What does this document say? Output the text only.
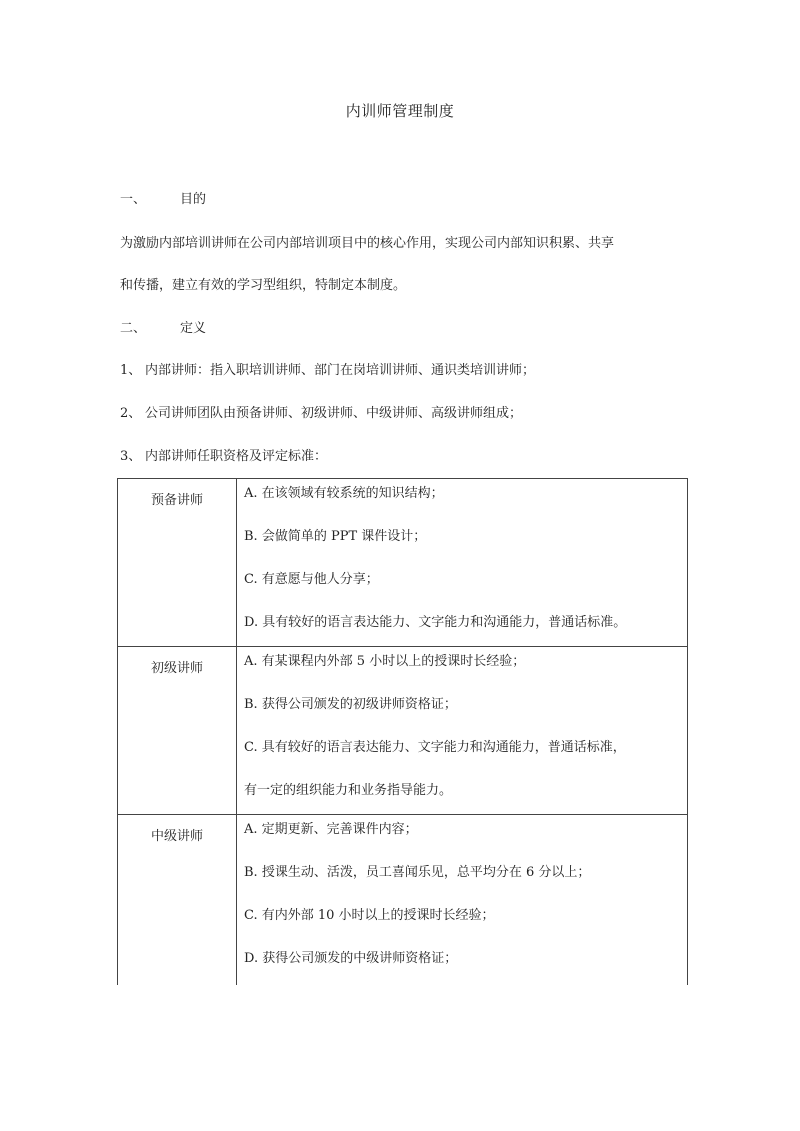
内训师管理制度
一、	目的
为激励内部培训讲师在公司内部培训项目中的核心作用，实现公司内部知识积累、共享
和传播，建立有效的学习型组织，特制定本制度。
二、	定义
1、 内部讲师：指入职培训讲师、部门在岗培训讲师、通识类培训讲师；
2、 公司讲师团队由预备讲师、初级讲师、中级讲师、高级讲师组成；
3、 内部讲师任职资格及评定标准：
预备讲师	A. 在该领域有较系统的知识结构；
B. 会做简单的 PPT 课件设计；
C. 有意愿与他人分享；
D. 具有较好的语言表达能力、文字能力和沟通能力，普通话标准。
初级讲师	A. 有某课程内外部 5 小时以上的授课时长经验；
B. 获得公司颁发的初级讲师资格证；
C. 具有较好的语言表达能力、文字能力和沟通能力，普通话标准，
有一定的组织能力和业务指导能力。
中级讲师	A. 定期更新、完善课件内容；
B. 授课生动、活泼，员工喜闻乐见，总平均分在 6 分以上；
C. 有内外部 10 小时以上的授课时长经验；
D. 获得公司颁发的中级讲师资格证；
